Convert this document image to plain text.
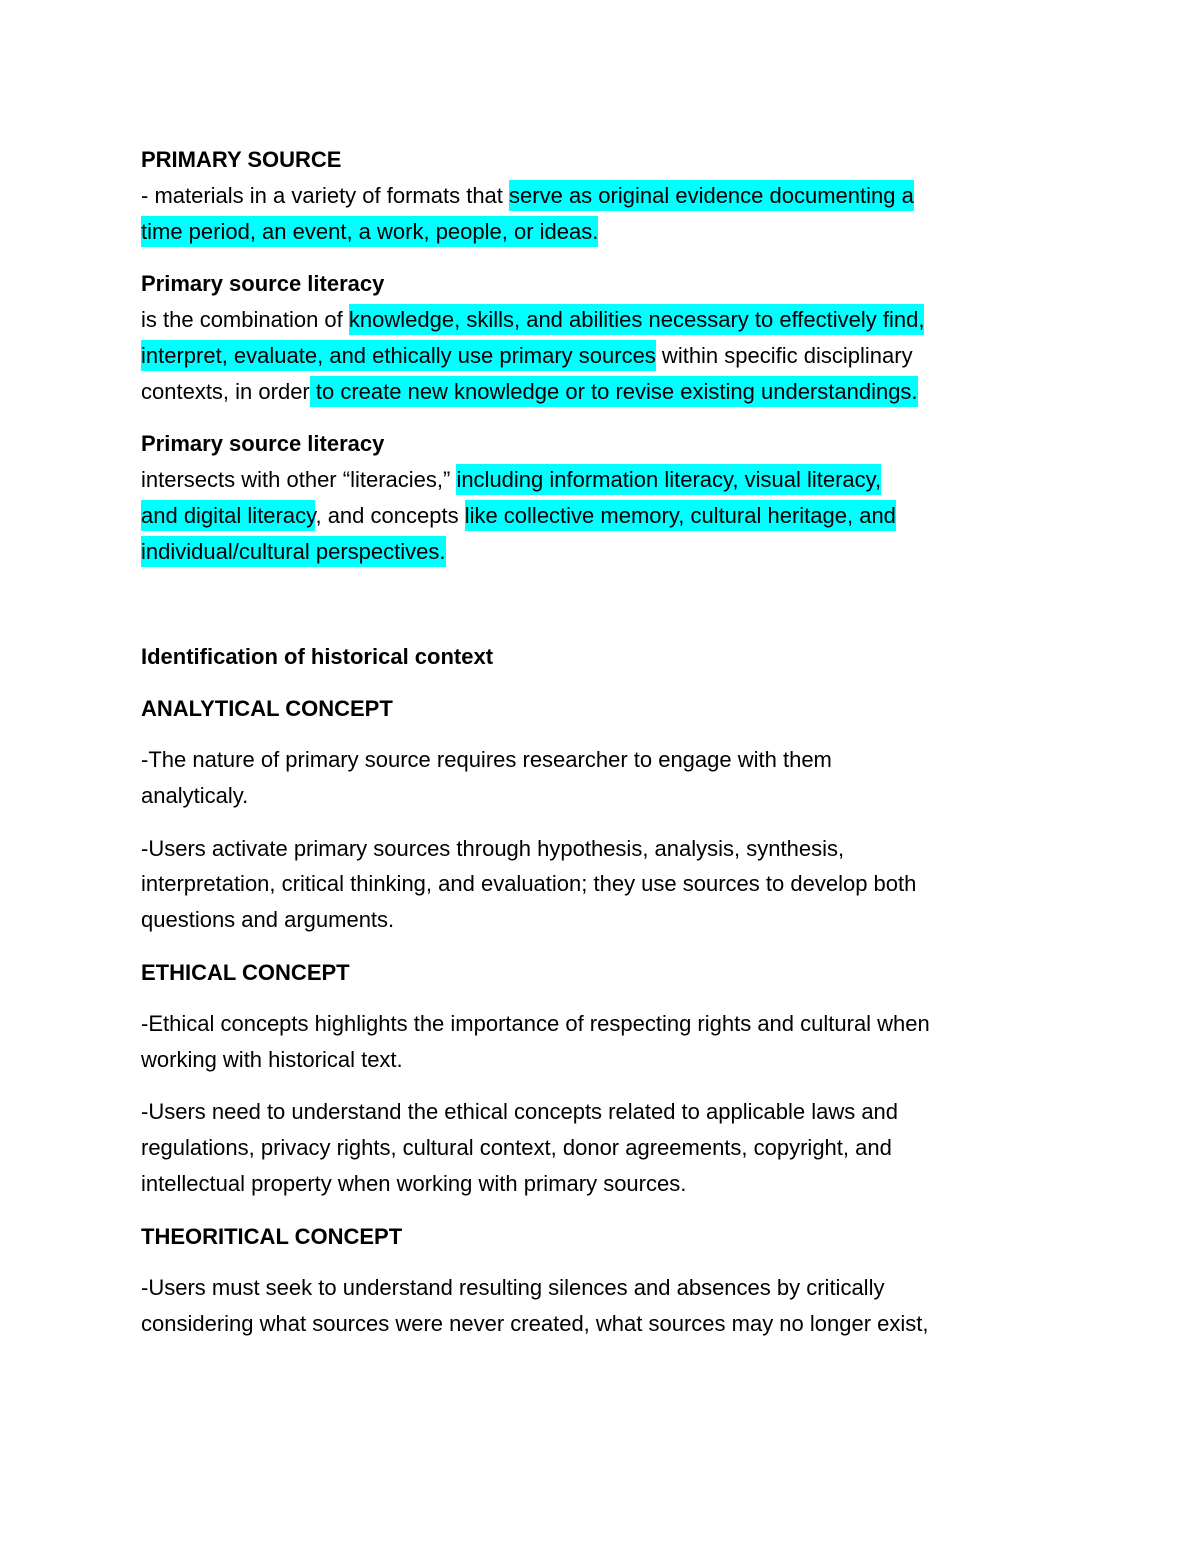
PRIMARY SOURCE
- materials in a variety of formats that serve as original evidence documenting a
time period, an event, a work, people, or ideas.
Primary source literacy
is the combination of knowledge, skills, and abilities necessary to effectively find,
interpret, evaluate, and ethically use primary sources within specific disciplinary
contexts, in order to create new knowledge or to revise existing understandings.
Primary source literacy
intersects with other “literacies,” including information literacy, visual literacy,
and digital literacy, and concepts like collective memory, cultural heritage, and
individual/cultural perspectives.
Identification of historical context
ANALYTICAL CONCEPT
-The nature of primary source requires researcher to engage with them
analyticaly.
-Users activate primary sources through hypothesis, analysis, synthesis,
interpretation, critical thinking, and evaluation; they use sources to develop both
questions and arguments.
ETHICAL CONCEPT
-Ethical concepts highlights the importance of respecting rights and cultural when
working with historical text.
-Users need to understand the ethical concepts related to applicable laws and
regulations, privacy rights, cultural context, donor agreements, copyright, and
intellectual property when working with primary sources.
THEORITICAL CONCEPT
-Users must seek to understand resulting silences and absences by critically
considering what sources were never created, what sources may no longer exist,
